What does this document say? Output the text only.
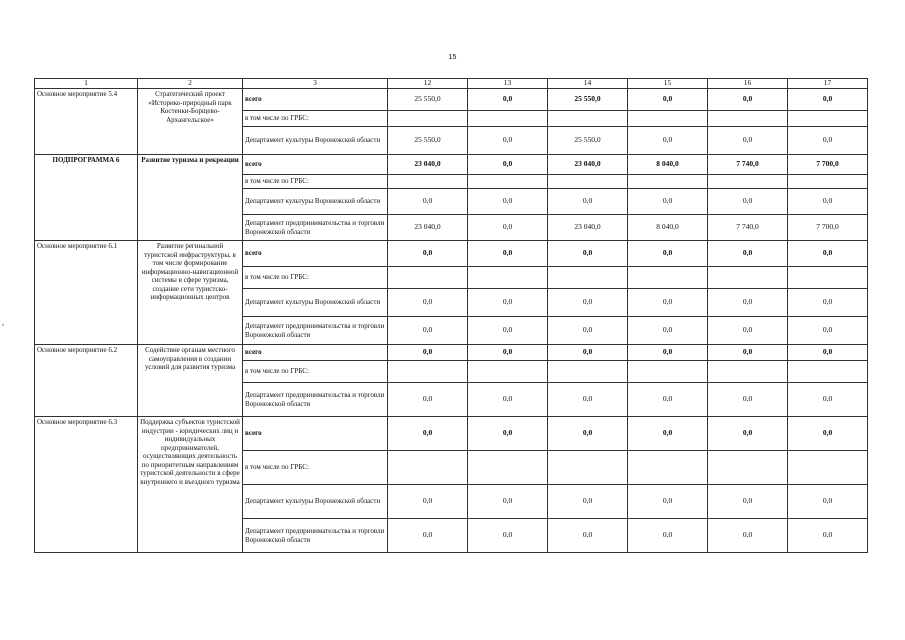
15
,
1	2	3	12	13	14	15	16	17
Основное мероприятие 5.4	Стратегический проект «Историко-природный парк Костенки-Борщево-Архангельское»	всего	25 550,0	0,0	25 550,0	0,0	0,0	0,0
		в том числе по ГРБС:						
		Департамент культуры Воронежской области	25 550,0	0,0	25 550,0	0,0	0,0	0,0
ПОДПРОГРАММА 6	Развитие туризма и рекреации	всего	23 040,0	0,0	23 040,0	8 040,0	7 740,0	7 700,0
		в том числе по ГРБС:						
		Департамент культуры Воронежской области	0,0	0,0	0,0	0,0	0,0	0,0
		Департамент предпринимательства и торговли Воронежской области	23 040,0	0,0	23 040,0	8 040,0	7 740,0	7 700,0
Основное мероприятие 6.1	Развитие регинальной туристской инфраструктуры, в том числе формирование информационно-навигационной системы в сфере туризма, создание сети туристско-информационных центров	всего	0,0	0,0	0,0	0,0	0,0	0,0
		в том числе по ГРБС:						
		Департамент культуры Воронежской области	0,0	0,0	0,0	0,0	0,0	0,0
		Департамент предпринимательства и торговли Воронежской области	0,0	0,0	0,0	0,0	0,0	0,0
Основное мероприятие 6.2	Содействие органам местного самоуправления в создании условий для развития туризма	всего	0,0	0,0	0,0	0,0	0,0	0,0
		в том числе по ГРБС:						
		Департамент предпринимательства и торговли Воронежской области	0,0	0,0	0,0	0,0	0,0	0,0
Основное мероприятие 6.3	Поддержка субъектов туристской индустрии - юридических лиц и индивидуальных предпринимателей, осуществляющих деятельность по приоритетным направлениям туристской деятельности в сфере внутреннего и въездного туризма	всего	0,0	0,0	0,0	0,0	0,0	0,0
		в том числе по ГРБС:						
		Департамент культуры Воронежской области	0,0	0,0	0,0	0,0	0,0	0,0
		Департамент предпринимательства и торговли Воронежской области	0,0	0,0	0,0	0,0	0,0	0,0
